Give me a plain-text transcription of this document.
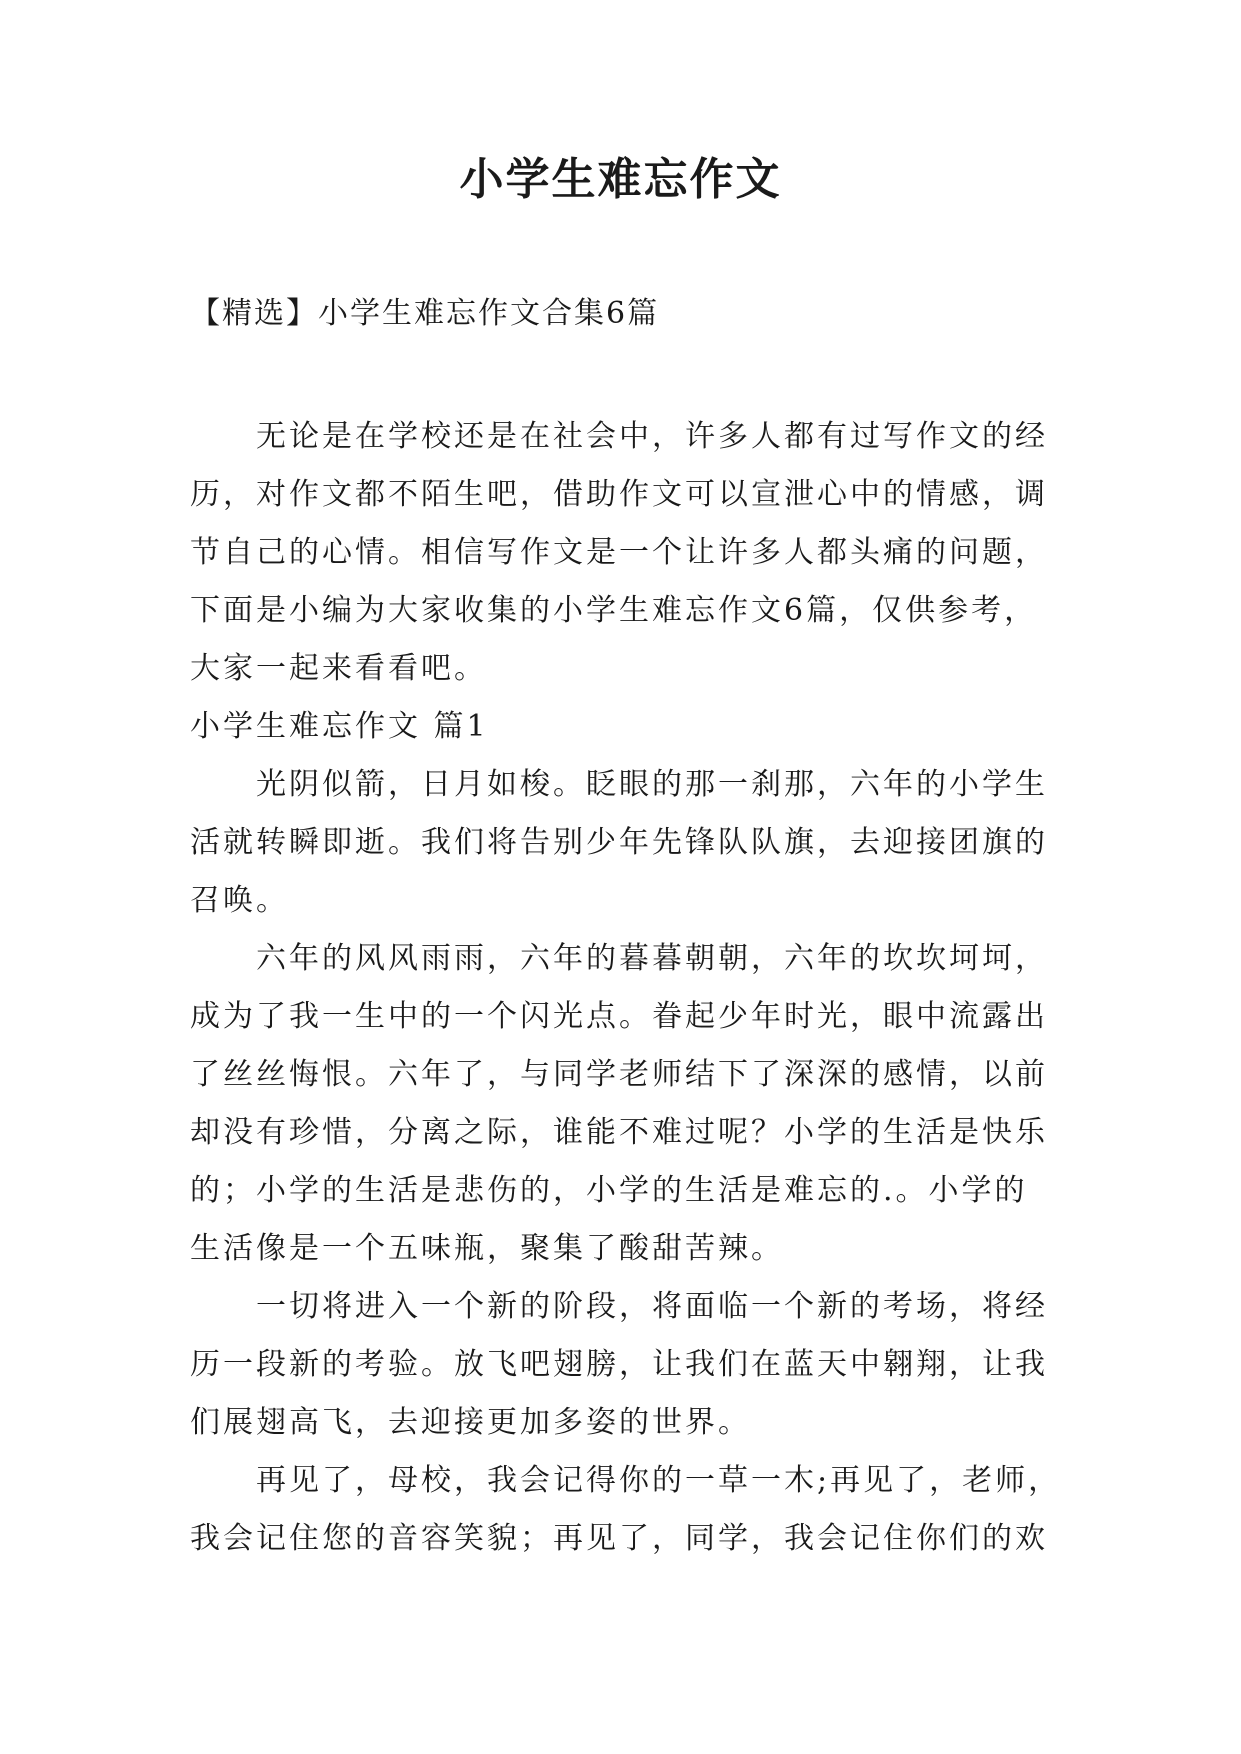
小学生难忘作文

【精选】小学生难忘作文合集6篇

无论是在学校还是在社会中，许多人都有过写作文的经
历，对作文都不陌生吧，借助作文可以宣泄心中的情感，调
节自己的心情。相信写作文是一个让许多人都头痛的问题，
下面是小编为大家收集的小学生难忘作文6篇，仅供参考，
大家一起来看看吧。
小学生难忘作文 篇1
光阴似箭，日月如梭。眨眼的那一刹那，六年的小学生
活就转瞬即逝。我们将告别少年先锋队队旗，去迎接团旗的
召唤。
六年的风风雨雨，六年的暮暮朝朝，六年的坎坎坷坷，
成为了我一生中的一个闪光点。眷起少年时光，眼中流露出
了丝丝悔恨。六年了，与同学老师结下了深深的感情，以前
却没有珍惜，分离之际，谁能不难过呢？小学的生活是快乐
的；小学的生活是悲伤的，小学的生活是难忘的.。小学的
生活像是一个五味瓶，聚集了酸甜苦辣。
一切将进入一个新的阶段，将面临一个新的考场，将经
历一段新的考验。放飞吧翅膀，让我们在蓝天中翱翔，让我
们展翅高飞，去迎接更加多姿的世界。
再见了，母校，我会记得你的一草一木;再见了，老师，
我会记住您的音容笑貌；再见了，同学，我会记住你们的欢
